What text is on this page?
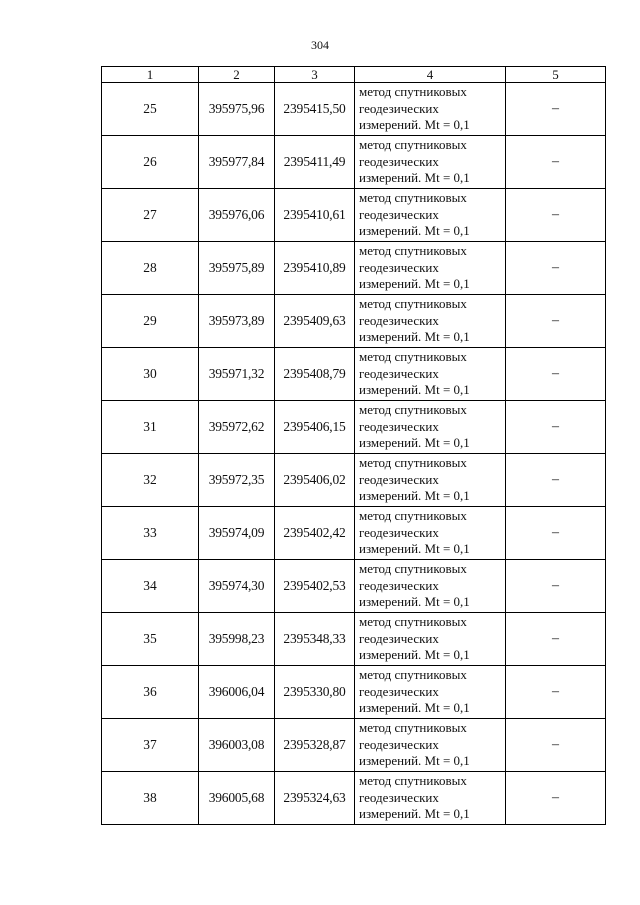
304
1	2	3	4	5
25	395975,96	2395415,50	метод спутниковых
геодезических
измерений. Mt = 0,1	–
26	395977,84	2395411,49	метод спутниковых
геодезических
измерений. Mt = 0,1	–
27	395976,06	2395410,61	метод спутниковых
геодезических
измерений. Mt = 0,1	–
28	395975,89	2395410,89	метод спутниковых
геодезических
измерений. Mt = 0,1	–
29	395973,89	2395409,63	метод спутниковых
геодезических
измерений. Mt = 0,1	–
30	395971,32	2395408,79	метод спутниковых
геодезических
измерений. Mt = 0,1	–
31	395972,62	2395406,15	метод спутниковых
геодезических
измерений. Mt = 0,1	–
32	395972,35	2395406,02	метод спутниковых
геодезических
измерений. Mt = 0,1	–
33	395974,09	2395402,42	метод спутниковых
геодезических
измерений. Mt = 0,1	–
34	395974,30	2395402,53	метод спутниковых
геодезических
измерений. Mt = 0,1	–
35	395998,23	2395348,33	метод спутниковых
геодезических
измерений. Mt = 0,1	–
36	396006,04	2395330,80	метод спутниковых
геодезических
измерений. Mt = 0,1	–
37	396003,08	2395328,87	метод спутниковых
геодезических
измерений. Mt = 0,1	–
38	396005,68	2395324,63	метод спутниковых
геодезических
измерений. Mt = 0,1	–
